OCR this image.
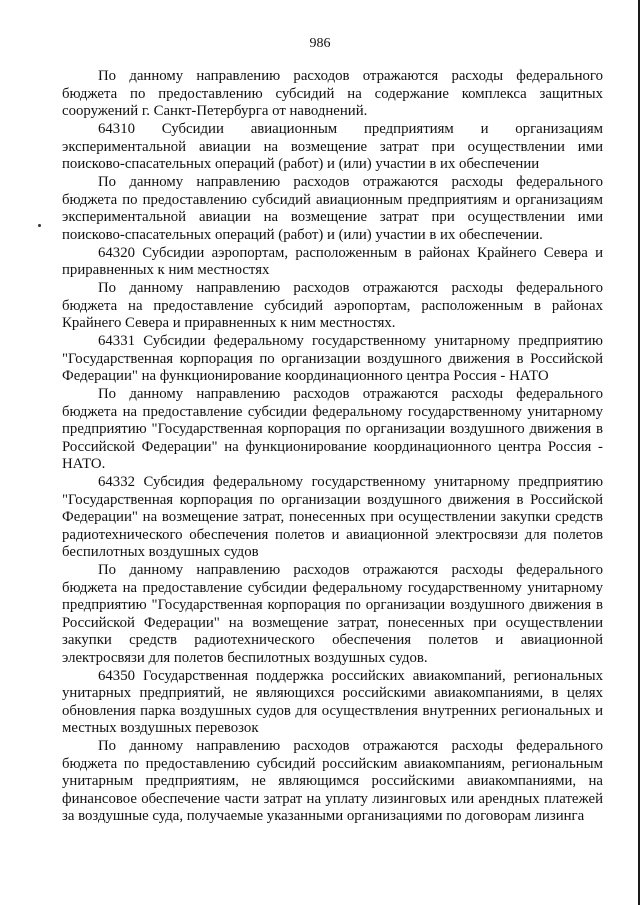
986

По данному направлению расходов отражаются расходы федерального бюджета по предоставлению субсидий на содержание комплекса защитных сооружений г. Санкт-Петербурга от наводнений.

64310 Субсидии авиационным предприятиям и организациям экспериментальной авиации на возмещение затрат при осуществлении ими поисково-спасательных операций (работ) и (или) участии в их обеспечении

По данному направлению расходов отражаются расходы федерального бюджета по предоставлению субсидий авиационным предприятиям и организациям экспериментальной авиации на возмещение затрат при осуществлении ими поисково-спасательных операций (работ) и (или) участии в их обеспечении.

64320 Субсидии аэропортам, расположенным в районах Крайнего Севера и приравненных к ним местностях

По данному направлению расходов отражаются расходы федерального бюджета на предоставление субсидий аэропортам, расположенным в районах Крайнего Севера и приравненных к ним местностях.

64331 Субсидии федеральному государственному унитарному предприятию "Государственная корпорация по организации воздушного движения в Российской Федерации" на функционирование координационного центра Россия - НАТО

По данному направлению расходов отражаются расходы федерального бюджета на предоставление субсидии федеральному государственному унитарному предприятию "Государственная корпорация по организации воздушного движения в Российской Федерации" на функционирование координационного центра Россия - НАТО.

64332 Субсидия федеральному государственному унитарному предприятию "Государственная корпорация по организации воздушного движения в Российской Федерации" на возмещение затрат, понесенных при осуществлении закупки средств радиотехнического обеспечения полетов и авиационной электросвязи для полетов беспилотных воздушных судов

По данному направлению расходов отражаются расходы федерального бюджета на предоставление субсидии федеральному государственному унитарному предприятию "Государственная корпорация по организации воздушного движения в Российской Федерации" на возмещение затрат, понесенных при осуществлении закупки средств радиотехнического обеспечения полетов и авиационной электросвязи для полетов беспилотных воздушных судов.

64350 Государственная поддержка российских авиакомпаний, региональных унитарных предприятий, не являющихся российскими авиакомпаниями, в целях обновления парка воздушных судов для осуществления внутренних региональных и местных воздушных перевозок

По данному направлению расходов отражаются расходы федерального бюджета по предоставлению субсидий российским авиакомпаниям, региональным унитарным предприятиям, не являющимся российскими авиакомпаниями, на финансовое обеспечение части затрат на уплату лизинговых или арендных платежей за воздушные суда, получаемые указанными организациями по договорам лизинга
